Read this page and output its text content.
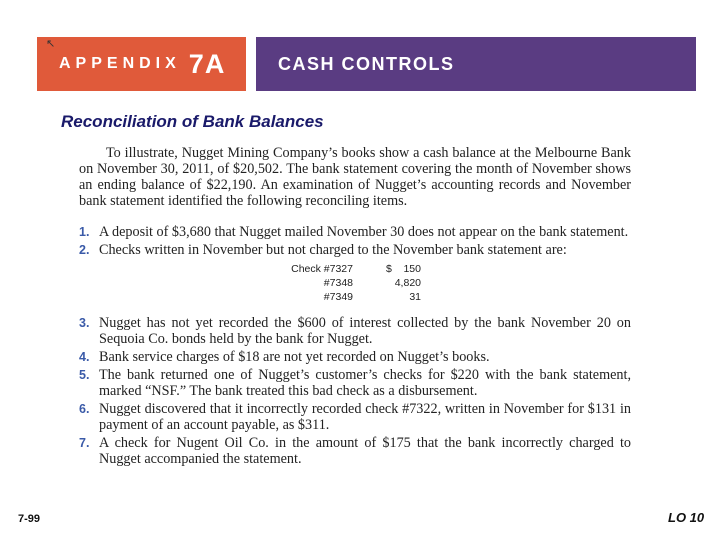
APPENDIX 7A
↖
CASH CONTROLS
Reconciliation of Bank Balances
To illustrate, Nugget Mining Company’s books show a cash balance at the Melbourne Bank on November 30, 2011, of $20,502. The bank statement covering the month of November shows an ending balance of $22,190. An examination of Nugget’s accounting records and November bank statement identified the following reconciling items.
1. A deposit of $3,680 that Nugget mailed November 30 does not appear on the bank statement.
2. Checks written in November but not charged to the November bank statement are:
Check #7327	$	150
#7348	4,820
#7349	31
3. Nugget has not yet recorded the $600 of interest collected by the bank November 20 on Sequoia Co. bonds held by the bank for Nugget.
4. Bank service charges of $18 are not yet recorded on Nugget’s books.
5. The bank returned one of Nugget’s customer’s checks for $220 with the bank statement, marked “NSF.” The bank treated this bad check as a disbursement.
6. Nugget discovered that it incorrectly recorded check #7322, written in November for $131 in payment of an account payable, as $311.
7. A check for Nugent Oil Co. in the amount of $175 that the bank incorrectly charged to Nugget accompanied the statement.
7-99	LO 10
